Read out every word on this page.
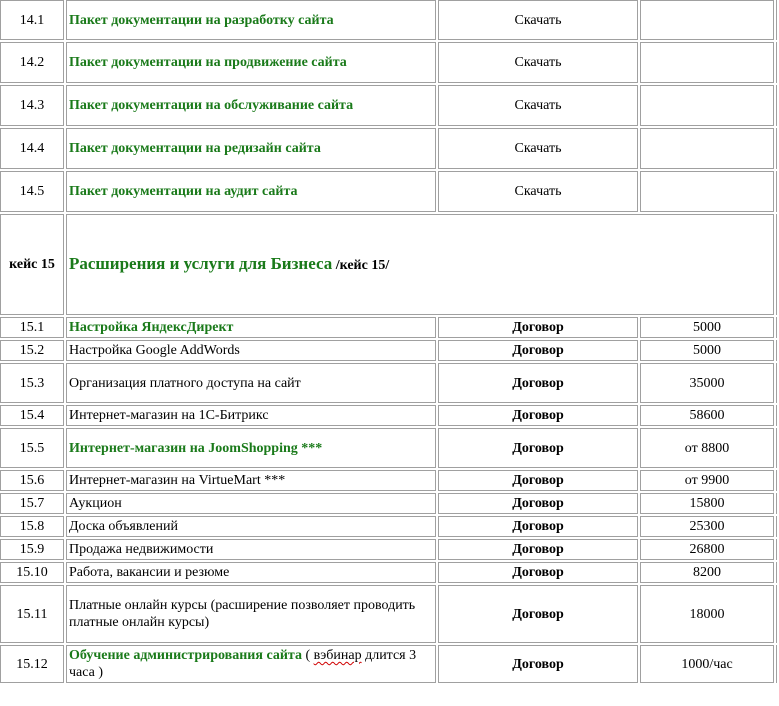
14.1	Пакет документации на разработку сайта	Скачать		
14.2	Пакет документации на продвижение сайта	Скачать		
14.3	Пакет документации на обслуживание сайта	Скачать		
14.4	Пакет документации на редизайн сайта	Скачать		
14.5	Пакет документации на аудит сайта	Скачать		
кейс 15	Расширения и услуги для Бизнеса /кейс 15/			
15.1	Настройка ЯндексДирект	Договор	5000	
15.2	Настройка Google AddWords	Договор	5000	
15.3	Организация платного доступа на сайт	Договор	35000	
15.4	Интернет-магазин на 1С-Битрикс	Договор	58600	
15.5	Интернет-магазин на JoomShopping ***	Договор	от 8800	
15.6	Интернет-магазин на VirtueMart ***	Договор	от 9900	
15.7	Аукцион	Договор	15800	
15.8	Доска объявлений	Договор	25300	
15.9	Продажа недвижимости	Договор	26800	
15.10	Работа, вакансии и резюме	Договор	8200	
15.11	Платные онлайн курсы (расширение позволяет проводить платные онлайн курсы)	Договор	18000	
15.12	Обучение администрирования сайта ( вэбинар длится 3 часа )	Договор	1000/час	
